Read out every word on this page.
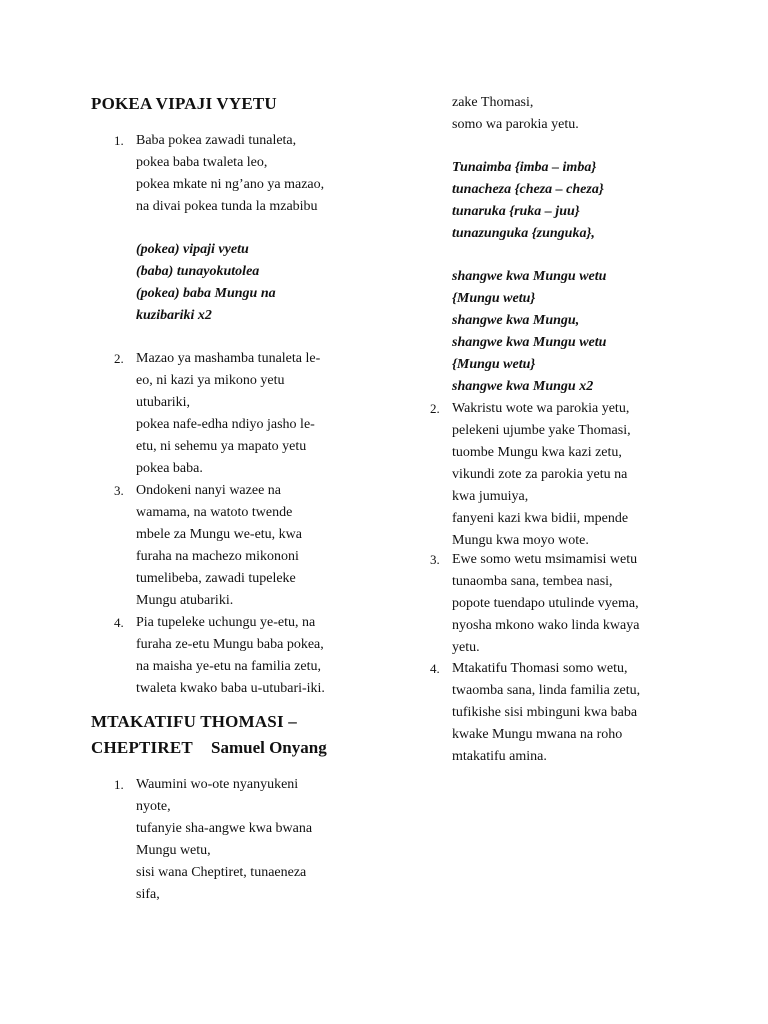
POKEA VIPAJI VYETU
1. Baba pokea zawadi tunaleta,
pokea baba twaleta leo,
pokea mkate ni ng’ano ya mazao,
na divai pokea tunda la mzabibu
(pokea) vipaji vyetu
(baba) tunayokutolea
(pokea) baba Mungu na
kuzibariki x2
2. Mazao ya mashamba tunaleta le-
eo, ni kazi ya mikono yetu
utubariki,
pokea nafe-edha ndiyo jasho le-
etu, ni sehemu ya mapato yetu
pokea baba.
3. Ondokeni nanyi wazee na
wamama, na watoto twende
mbele za Mungu we-etu, kwa
furaha na machezo mikononi
tumelibeba, zawadi tupeleke
Mungu atubariki.
4. Pia tupeleke uchungu ye-etu, na
furaha ze-etu Mungu baba pokea,
na maisha ye-etu na familia zetu,
twaleta kwako baba u-utubari-iki.
MTAKATIFU THOMASI –
CHEPTIRET Samuel Onyang
1. Waumini wo-ote nyanyukeni
nyote,
tufanyie sha-angwe kwa bwana
Mungu wetu,
sisi wana Cheptiret, tunaeneza
sifa,
zake Thomasi,
somo wa parokia yetu.
Tunaimba {imba – imba}
tunacheza {cheza – cheza}
tunaruka {ruka – juu}
tunazunguka {zunguka},
shangwe kwa Mungu wetu
{Mungu wetu}
shangwe kwa Mungu,
shangwe kwa Mungu wetu
{Mungu wetu}
shangwe kwa Mungu x2
2. Wakristu wote wa parokia yetu,
pelekeni ujumbe yake Thomasi,
tuombe Mungu kwa kazi zetu,
vikundi zote za parokia yetu na
kwa jumuiya,
fanyeni kazi kwa bidii, mpende
Mungu kwa moyo wote.
3. Ewe somo wetu msimamisi wetu
tunaomba sana, tembea nasi,
popote tuendapo utulinde vyema,
nyosha mkono wako linda kwaya
yetu.
4. Mtakatifu Thomasi somo wetu,
twaomba sana, linda familia zetu,
tufikishe sisi mbinguni kwa baba
kwake Mungu mwana na roho
mtakatifu amina.
